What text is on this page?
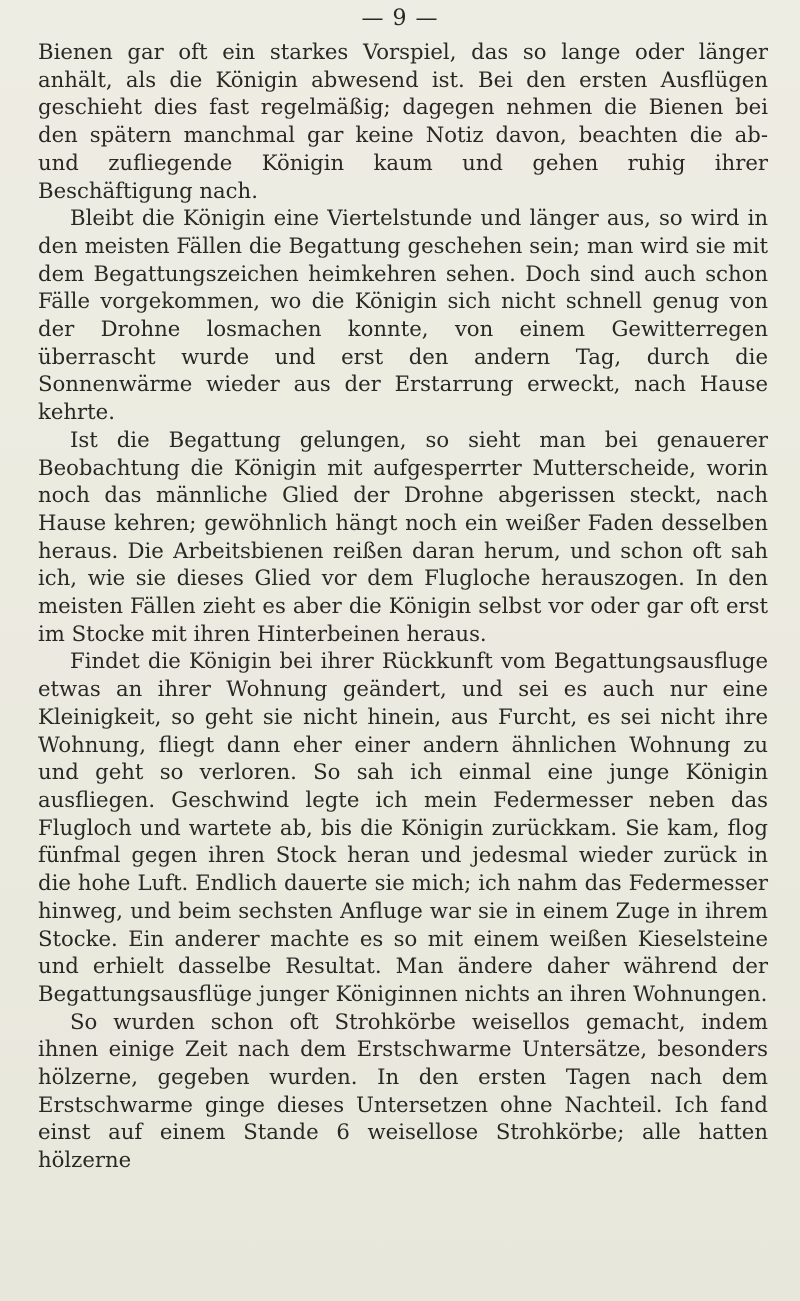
— 9 —

Bienen gar oft ein starkes Vorspiel, das so lange oder länger anhält, als die Königin abwesend ist. Bei den ersten Ausflügen geschieht dies fast regelmäßig; dagegen nehmen die Bienen bei den spätern manchmal gar keine Notiz davon, beachten die ab- und zufliegende Königin kaum und gehen ruhig ihrer Beschäftigung nach.

Bleibt die Königin eine Viertelstunde und länger aus, so wird in den meisten Fällen die Begattung geschehen sein; man wird sie mit dem Begattungszeichen heimkehren sehen. Doch sind auch schon Fälle vorgekommen, wo die Königin sich nicht schnell genug von der Drohne losmachen konnte, von einem Gewitterregen überrascht wurde und erst den andern Tag, durch die Sonnenwärme wieder aus der Erstarrung erweckt, nach Hause kehrte.

Ist die Begattung gelungen, so sieht man bei genauerer Beobachtung die Königin mit aufgesperrter Mutterscheide, worin noch das männliche Glied der Drohne abgerissen steckt, nach Hause kehren; gewöhnlich hängt noch ein weißer Faden desselben heraus. Die Arbeitsbienen reißen daran herum, und schon oft sah ich, wie sie dieses Glied vor dem Flugloche herauszogen. In den meisten Fällen zieht es aber die Königin selbst vor oder gar oft erst im Stocke mit ihren Hinterbeinen heraus.

Findet die Königin bei ihrer Rückkunft vom Begattungsausfluge etwas an ihrer Wohnung geändert, und sei es auch nur eine Kleinigkeit, so geht sie nicht hinein, aus Furcht, es sei nicht ihre Wohnung, fliegt dann eher einer andern ähnlichen Wohnung zu und geht so verloren. So sah ich einmal eine junge Königin ausfliegen. Geschwind legte ich mein Federmesser neben das Flugloch und wartete ab, bis die Königin zurückkam. Sie kam, flog fünfmal gegen ihren Stock heran und jedesmal wieder zurück in die hohe Luft. Endlich dauerte sie mich; ich nahm das Federmesser hinweg, und beim sechsten Anfluge war sie in einem Zuge in ihrem Stocke. Ein anderer machte es so mit einem weißen Kieselsteine und erhielt dasselbe Resultat. Man ändere daher während der Begattungsausflüge junger Königinnen nichts an ihren Wohnungen.

So wurden schon oft Strohkörbe weisellos gemacht, indem ihnen einige Zeit nach dem Erstschwarme Untersätze, besonders hölzerne, gegeben wurden. In den ersten Tagen nach dem Erstschwarme ginge dieses Untersetzen ohne Nachteil. Ich fand einst auf einem Stande 6 weisellose Strohkörbe; alle hatten hölzerne
